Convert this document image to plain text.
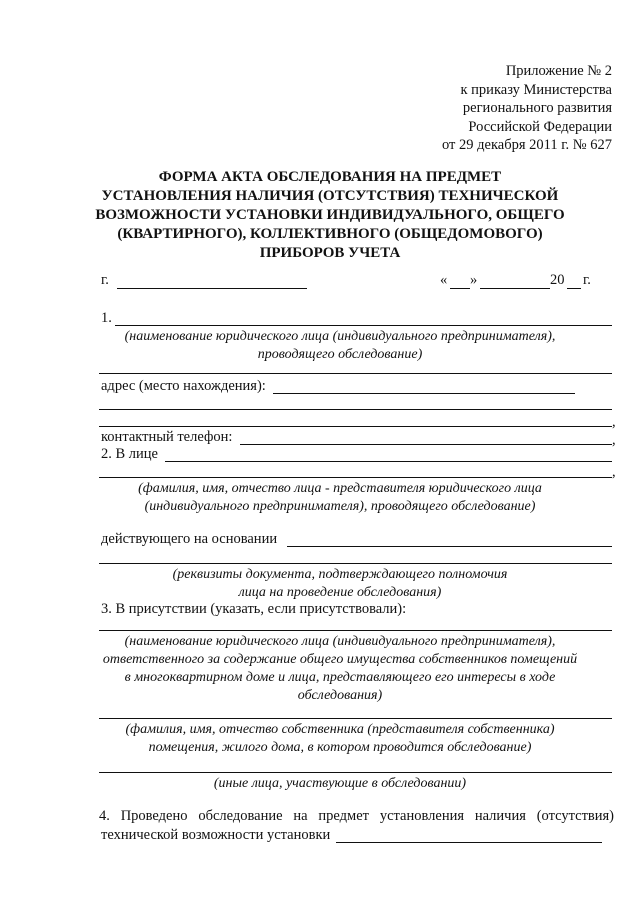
Приложение № 2
к приказу Министерства
регионального развития
Российской Федерации
от 29 декабря 2011 г. № 627
ФОРМА АКТА ОБСЛЕДОВАНИЯ НА ПРЕДМЕТ
УСТАНОВЛЕНИЯ НАЛИЧИЯ (ОТСУТСТВИЯ) ТЕХНИЧЕСКОЙ
ВОЗМОЖНОСТИ УСТАНОВКИ ИНДИВИДУАЛЬНОГО, ОБЩЕГО
(КВАРТИРНОГО), КОЛЛЕКТИВНОГО (ОБЩЕДОМОВОГО)
ПРИБОРОВ УЧЕТА
г.	« »	20 г.
1.
(наименование юридического лица (индивидуального предпринимателя),
проводящего обследование)
адрес (место нахождения):
,
контактный телефон:	,
2. В лице
,
(фамилия, имя, отчество лица - представителя юридического лица
(индивидуального предпринимателя), проводящего обследование)
действующего на основании
(реквизиты документа, подтверждающего полномочия
лица на проведение обследования)
3. В присутствии (указать, если присутствовали):
(наименование юридического лица (индивидуального предпринимателя),
ответственного за содержание общего имущества собственников помещений
в многоквартирном доме и лица, представляющего его интересы в ходе
обследования)
(фамилия, имя, отчество собственника (представителя собственника)
помещения, жилого дома, в котором проводится обследование)
(иные лица, участвующие в обследовании)
4. Проведено обследование на предмет установления наличия (отсутствия)
технической возможности установки
